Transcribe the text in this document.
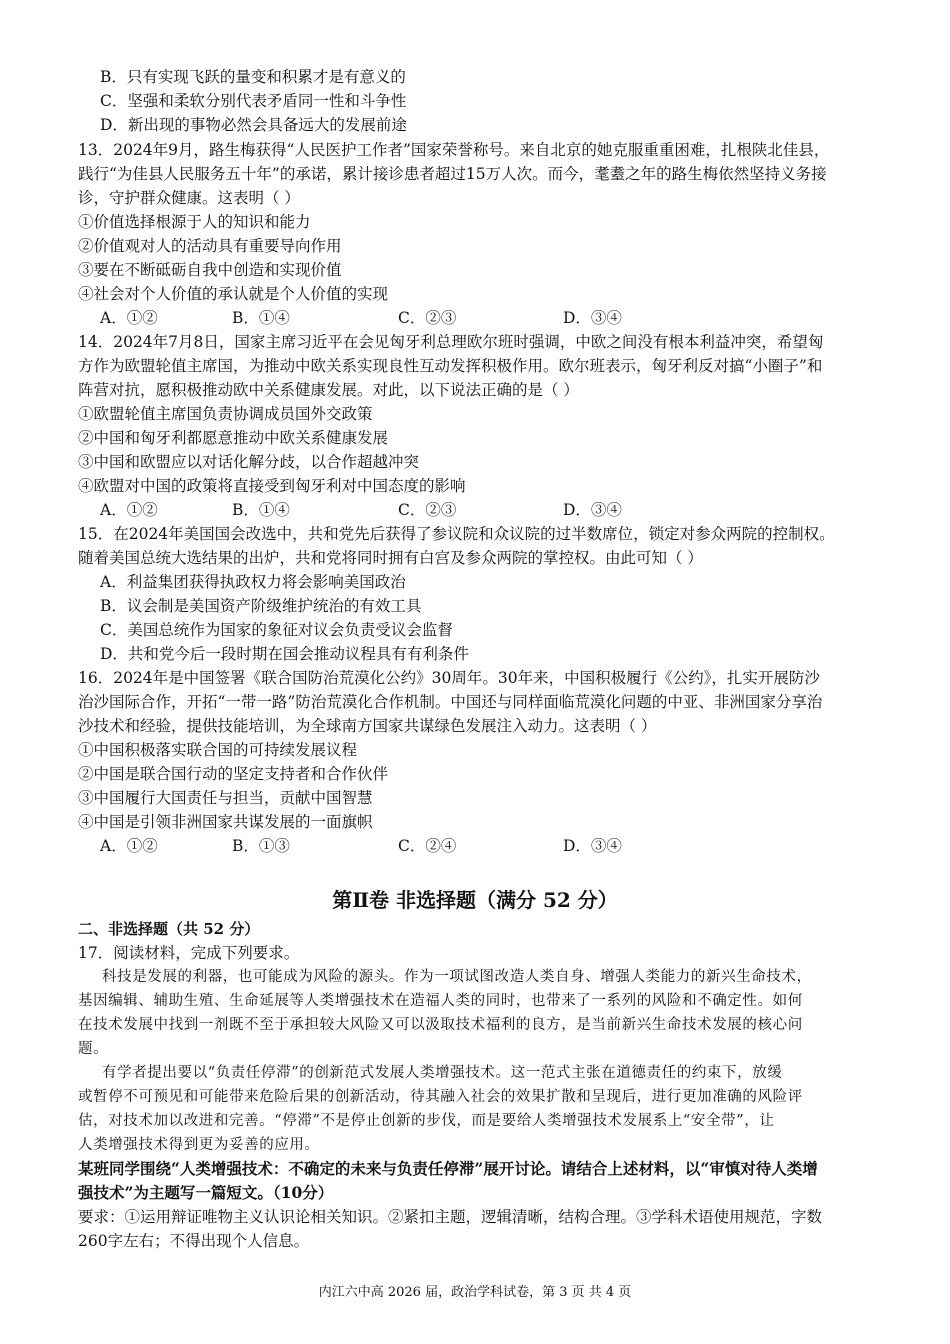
B．只有实现飞跃的量变和积累才是有意义的
C．坚强和柔软分别代表矛盾同一性和斗争性
D．新出现的事物必然会具备远大的发展前途
13．2024年9月，路生梅获得“人民医护工作者”国家荣誉称号。来自北京的她克服重重困难，扎根陕北佳县，
践行“为佳县人民服务五十年”的承诺，累计接诊患者超过15万人次。而今，耄耋之年的路生梅依然坚持义务接
诊，守护群众健康。这表明（ ）
①价值选择根源于人的知识和能力
②价值观对人的活动具有重要导向作用
③要在不断砥砺自我中创造和实现价值
④社会对个人价值的承认就是个人价值的实现
A．①②	B．①④	C．②③	D．③④
14．2024年7月8日，国家主席习近平在会见匈牙利总理欧尔班时强调，中欧之间没有根本利益冲突，希望匈
方作为欧盟轮值主席国，为推动中欧关系实现良性互动发挥积极作用。欧尔班表示，匈牙利反对搞“小圈子”和
阵营对抗，愿积极推动欧中关系健康发展。对此，以下说法正确的是（ ）
①欧盟轮值主席国负责协调成员国外交政策
②中国和匈牙利都愿意推动中欧关系健康发展
③中国和欧盟应以对话化解分歧，以合作超越冲突
④欧盟对中国的政策将直接受到匈牙利对中国态度的影响
A．①②	B．①④	C．②③	D．③④
15．在2024年美国国会改选中，共和党先后获得了参议院和众议院的过半数席位，锁定对参众两院的控制权。
随着美国总统大选结果的出炉，共和党将同时拥有白宫及参众两院的掌控权。由此可知（ ）
A．利益集团获得执政权力将会影响美国政治
B．议会制是美国资产阶级维护统治的有效工具
C．美国总统作为国家的象征对议会负责受议会监督
D．共和党今后一段时期在国会推动议程具有有利条件
16．2024年是中国签署《联合国防治荒漠化公约》30周年。30年来，中国积极履行《公约》，扎实开展防沙
治沙国际合作，开拓“一带一路”防治荒漠化合作机制。中国还与同样面临荒漠化问题的中亚、非洲国家分享治
沙技术和经验，提供技能培训，为全球南方国家共谋绿色发展注入动力。这表明（ ）
①中国积极落实联合国的可持续发展议程
②中国是联合国行动的坚定支持者和合作伙伴
③中国履行大国责任与担当，贡献中国智慧
④中国是引领非洲国家共谋发展的一面旗帜
A．①②	B．①③	C．②④	D．③④
第Ⅱ卷 非选择题（满分 52 分）
二、非选择题（共 52 分）
17．阅读材料，完成下列要求。
科技是发展的利器，也可能成为风险的源头。作为一项试图改造人类自身、增强人类能力的新兴生命技术，
基因编辑、辅助生殖、生命延展等人类增强技术在造福人类的同时，也带来了一系列的风险和不确定性。如何
在技术发展中找到一剂既不至于承担较大风险又可以汲取技术福利的良方，是当前新兴生命技术发展的核心问
题。
有学者提出要以“负责任停滞”的创新范式发展人类增强技术。这一范式主张在道德责任的约束下，放缓
或暂停不可预见和可能带来危险后果的创新活动，待其融入社会的效果扩散和呈现后，进行更加准确的风险评
估，对技术加以改进和完善。“停滞”不是停止创新的步伐，而是要给人类增强技术发展系上“安全带”，让
人类增强技术得到更为妥善的应用。
某班同学围绕“人类增强技术：不确定的未来与负责任停滞”展开讨论。请结合上述材料，以“审慎对待人类增
强技术”为主题写一篇短文。（10分）
要求：①运用辩证唯物主义认识论相关知识。②紧扣主题，逻辑清晰，结构合理。③学科术语使用规范，字数
260字左右；不得出现个人信息。
内江六中高 2026 届，政治学科试卷，第 3 页 共 4 页
